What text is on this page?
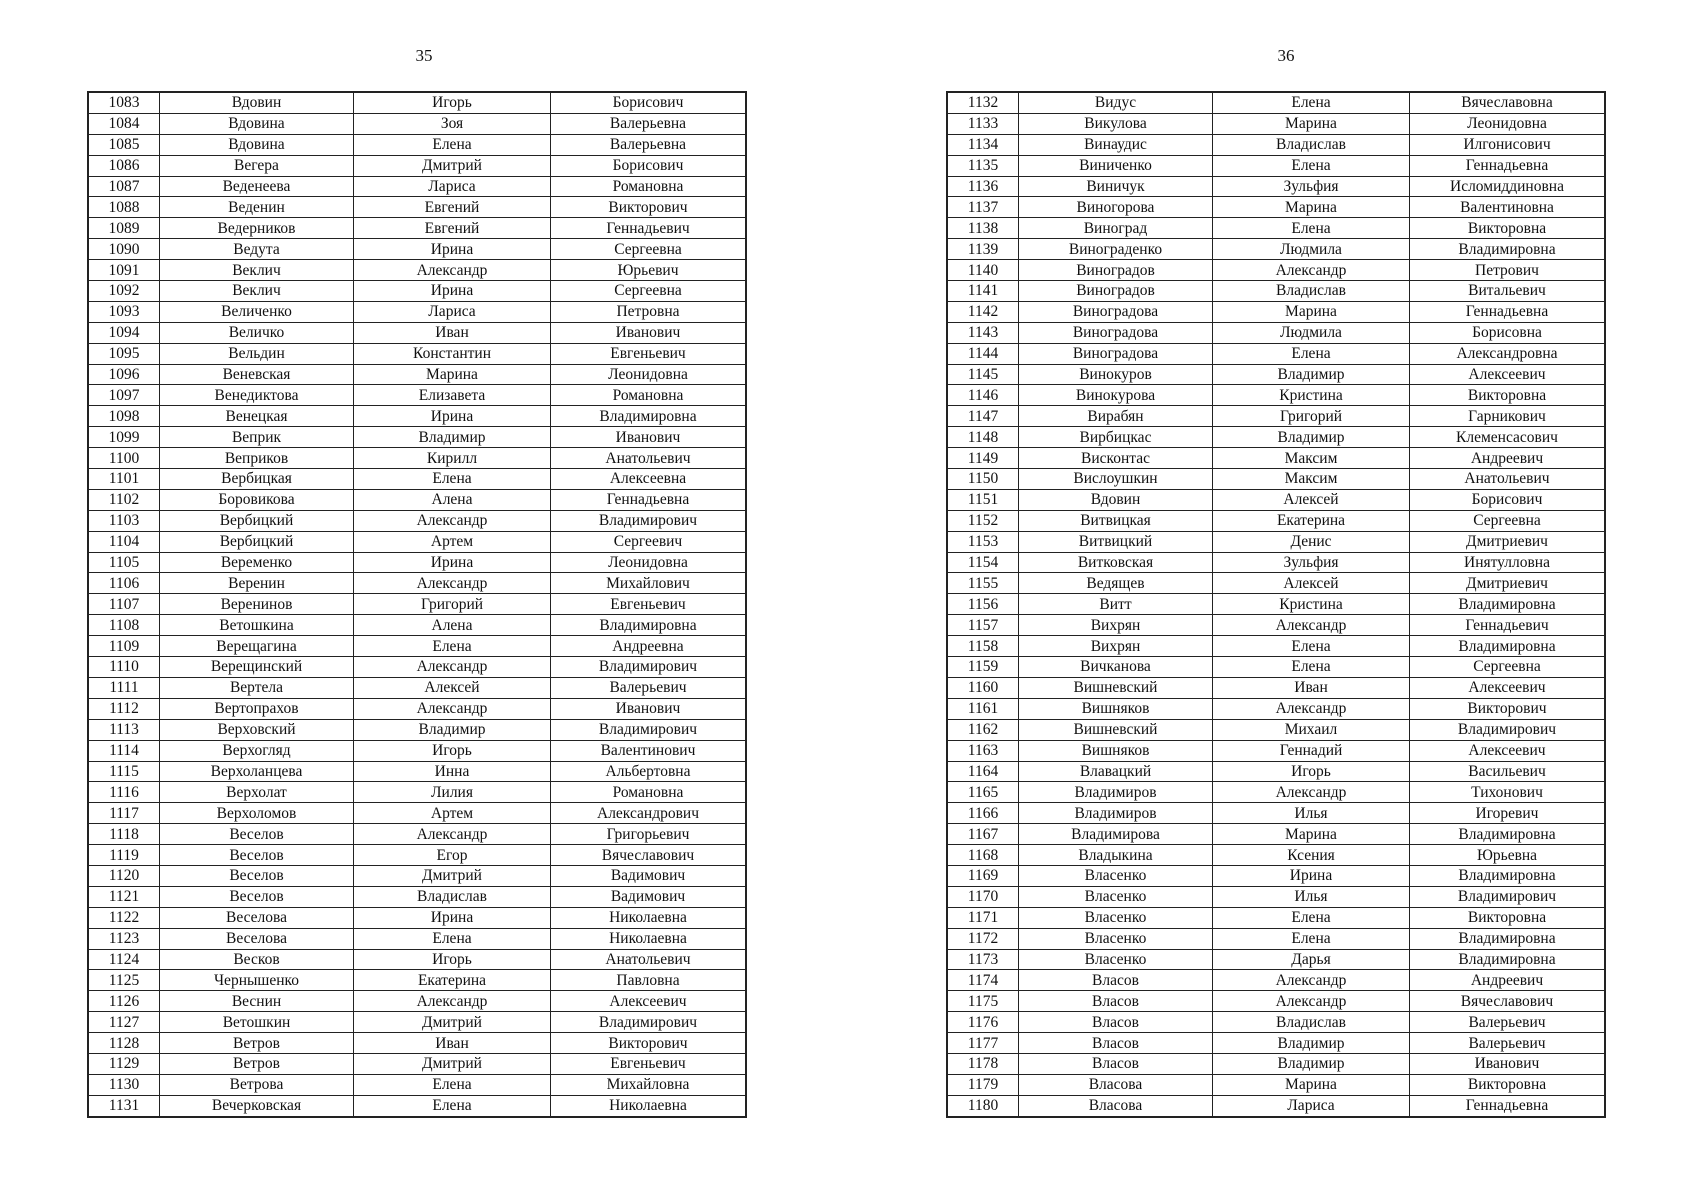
35	36
1083	Вдовин	Игорь	Борисович
1084	Вдовина	Зоя	Валерьевна
1085	Вдовина	Елена	Валерьевна
1086	Вегера	Дмитрий	Борисович
1087	Веденеева	Лариса	Романовна
1088	Веденин	Евгений	Викторович
1089	Ведерников	Евгений	Геннадьевич
1090	Ведута	Ирина	Сергеевна
1091	Веклич	Александр	Юрьевич
1092	Веклич	Ирина	Сергеевна
1093	Величенко	Лариса	Петровна
1094	Величко	Иван	Иванович
1095	Вельдин	Константин	Евгеньевич
1096	Веневская	Марина	Леонидовна
1097	Венедиктова	Елизавета	Романовна
1098	Венецкая	Ирина	Владимировна
1099	Веприк	Владимир	Иванович
1100	Веприков	Кирилл	Анатольевич
1101	Вербицкая	Елена	Алексеевна
1102	Боровикова	Алена	Геннадьевна
1103	Вербицкий	Александр	Владимирович
1104	Вербицкий	Артем	Сергеевич
1105	Веременко	Ирина	Леонидовна
1106	Веренин	Александр	Михайлович
1107	Веренинов	Григорий	Евгеньевич
1108	Ветошкина	Алена	Владимировна
1109	Верещагина	Елена	Андреевна
1110	Верещинский	Александр	Владимирович
1111	Вертела	Алексей	Валерьевич
1112	Вертопрахов	Александр	Иванович
1113	Верховский	Владимир	Владимирович
1114	Верхогляд	Игорь	Валентинович
1115	Верхоланцева	Инна	Альбертовна
1116	Верхолат	Лилия	Романовна
1117	Верхоломов	Артем	Александрович
1118	Веселов	Александр	Григорьевич
1119	Веселов	Егор	Вячеславович
1120	Веселов	Дмитрий	Вадимович
1121	Веселов	Владислав	Вадимович
1122	Веселова	Ирина	Николаевна
1123	Веселова	Елена	Николаевна
1124	Весков	Игорь	Анатольевич
1125	Чернышенко	Екатерина	Павловна
1126	Веснин	Александр	Алексеевич
1127	Ветошкин	Дмитрий	Владимирович
1128	Ветров	Иван	Викторович
1129	Ветров	Дмитрий	Евгеньевич
1130	Ветрова	Елена	Михайловна
1131	Вечерковская	Елена	Николаевна
1132	Видус	Елена	Вячеславовна
1133	Викулова	Марина	Леонидовна
1134	Винаудис	Владислав	Илгонисович
1135	Виниченко	Елена	Геннадьевна
1136	Виничук	Зульфия	Исломиддиновна
1137	Виногорова	Марина	Валентиновна
1138	Виноград	Елена	Викторовна
1139	Винограденко	Людмила	Владимировна
1140	Виноградов	Александр	Петрович
1141	Виноградов	Владислав	Витальевич
1142	Виноградова	Марина	Геннадьевна
1143	Виноградова	Людмила	Борисовна
1144	Виноградова	Елена	Александровна
1145	Винокуров	Владимир	Алексеевич
1146	Винокурова	Кристина	Викторовна
1147	Вирабян	Григорий	Гарникович
1148	Вирбицкас	Владимир	Клеменсасович
1149	Висконтас	Максим	Андреевич
1150	Вислоушкин	Максим	Анатольевич
1151	Вдовин	Алексей	Борисович
1152	Витвицкая	Екатерина	Сергеевна
1153	Витвицкий	Денис	Дмитриевич
1154	Витковская	Зульфия	Инятулловна
1155	Ведящев	Алексей	Дмитриевич
1156	Витт	Кристина	Владимировна
1157	Вихрян	Александр	Геннадьевич
1158	Вихрян	Елена	Владимировна
1159	Вичканова	Елена	Сергеевна
1160	Вишневский	Иван	Алексеевич
1161	Вишняков	Александр	Викторович
1162	Вишневский	Михаил	Владимирович
1163	Вишняков	Геннадий	Алексеевич
1164	Влавацкий	Игорь	Васильевич
1165	Владимиров	Александр	Тихонович
1166	Владимиров	Илья	Игоревич
1167	Владимирова	Марина	Владимировна
1168	Владыкина	Ксения	Юрьевна
1169	Власенко	Ирина	Владимировна
1170	Власенко	Илья	Владимирович
1171	Власенко	Елена	Викторовна
1172	Власенко	Елена	Владимировна
1173	Власенко	Дарья	Владимировна
1174	Власов	Александр	Андреевич
1175	Власов	Александр	Вячеславович
1176	Власов	Владислав	Валерьевич
1177	Власов	Владимир	Валерьевич
1178	Власов	Владимир	Иванович
1179	Власова	Марина	Викторовна
1180	Власова	Лариса	Геннадьевна
